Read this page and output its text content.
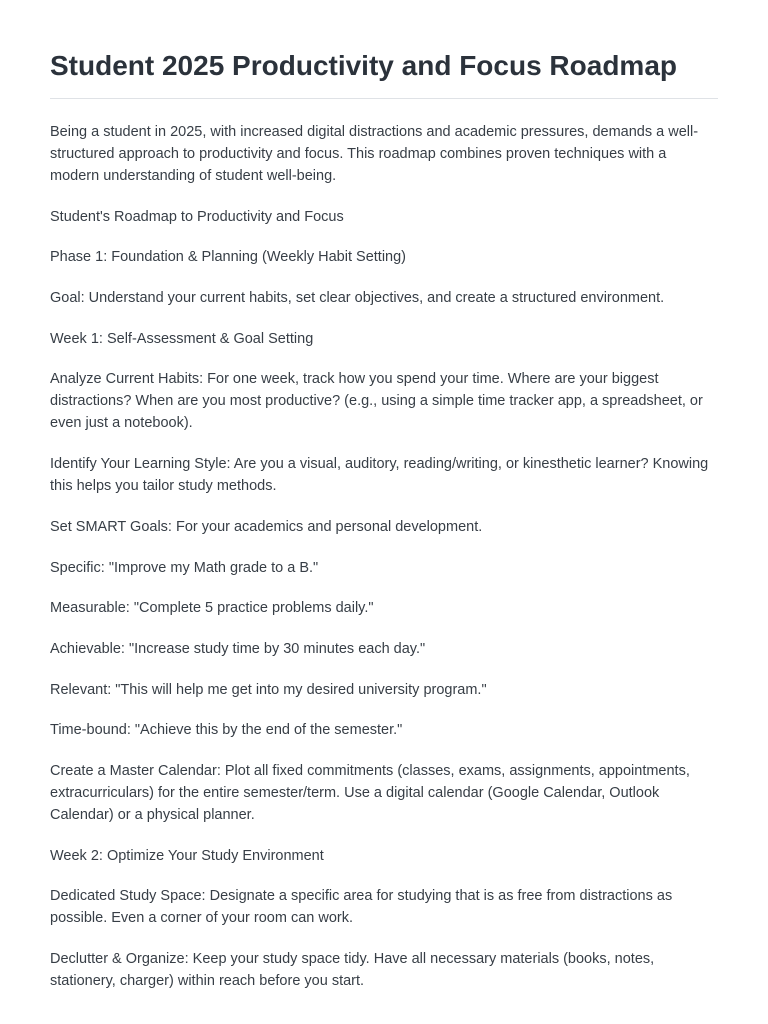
Student 2025 Productivity and Focus Roadmap

Being a student in 2025, with increased digital distractions and academic pressures, demands a well-structured approach to productivity and focus. This roadmap combines proven techniques with a modern understanding of student well-being.

Student's Roadmap to Productivity and Focus

Phase 1: Foundation & Planning (Weekly Habit Setting)

Goal: Understand your current habits, set clear objectives, and create a structured environment.

Week 1: Self-Assessment & Goal Setting

Analyze Current Habits: For one week, track how you spend your time. Where are your biggest distractions? When are you most productive? (e.g., using a simple time tracker app, a spreadsheet, or even just a notebook).

Identify Your Learning Style: Are you a visual, auditory, reading/writing, or kinesthetic learner? Knowing this helps you tailor study methods.

Set SMART Goals: For your academics and personal development.

Specific: "Improve my Math grade to a B."

Measurable: "Complete 5 practice problems daily."

Achievable: "Increase study time by 30 minutes each day."

Relevant: "This will help me get into my desired university program."

Time-bound: "Achieve this by the end of the semester."

Create a Master Calendar: Plot all fixed commitments (classes, exams, assignments, appointments, extracurriculars) for the entire semester/term. Use a digital calendar (Google Calendar, Outlook Calendar) or a physical planner.

Week 2: Optimize Your Study Environment

Dedicated Study Space: Designate a specific area for studying that is as free from distractions as possible. Even a corner of your room can work.

Declutter & Organize: Keep your study space tidy. Have all necessary materials (books, notes, stationery, charger) within reach before you start.
